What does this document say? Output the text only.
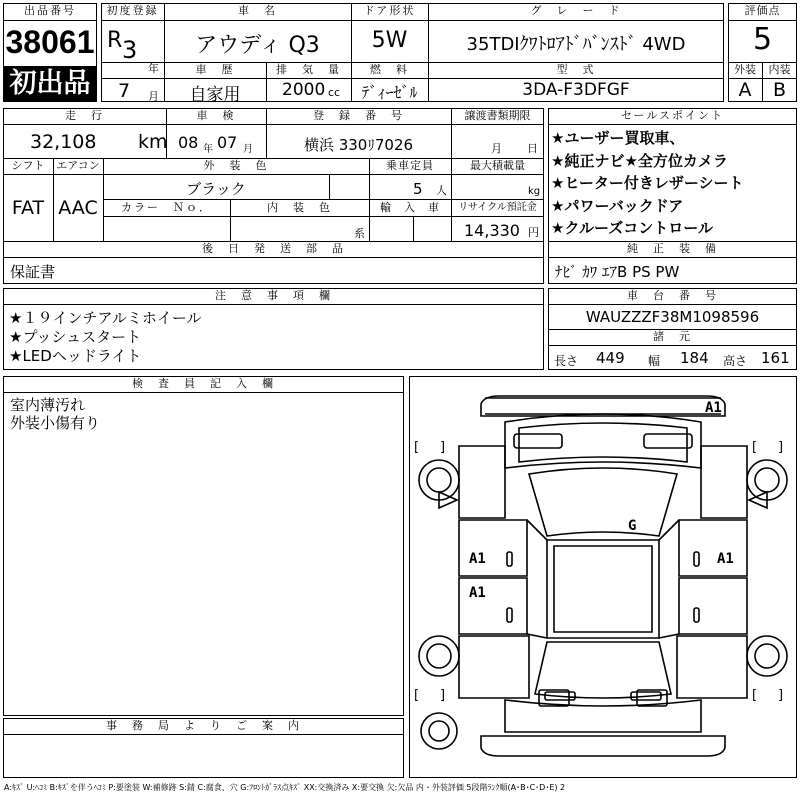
出品番号
38061
初出品
初度登録	車　名	ドア形状	グ　レ　ー　ド
R 3
年
アウディ Q3	5W	35TDIｸﾜﾄﾛｱﾄﾞﾊﾞﾝｽﾄﾞ 4WD
7 月
車　歴	排　気　量	燃　料	型　式
自家用	2000 cc	ﾃﾞｨｰｾﾞﾙ	3DA-F3DFGF
評価点
5
外装	内装
A	B
走　行	車　検	登　録　番　号	譲渡書類期限
32,108 km 08 年 07 月	横浜 330ﾘ7026	月 日
シフト	エアコン	外　装　色	乗車定員	最大積載量
FAT AAC
ブラック	5 人	kg
カラー　Ｎｏ．	内　装　色	輸　入　車	リサイクル預託金
系	14,330 円
後　日　発　送　部　品
保証書
セールスポイント
★ユーザー買取車、
★純正ナビ★全方位カメラ
★ヒーター付きレザーシート
★パワーバックドア
★クルーズコントロール
純　正　装　備
ﾅﾋﾞ ｶﾜ ｴｱB PS PW
注　意　事　項　欄
★１９インチアルミホイール
★プッシュスタート
★LEDヘッドライト
車　台　番　号
WAUZZZF38M1098596
諸　元
長さ 449 幅 184 高さ 161
検　査　員　記　入　欄
室内薄汚れ
外装小傷有り
事　務　局　よ　り　ご　案　内
A1
G
A1	A1
A1
[ ]	[ ]
[ ]	[ ]
A:ｷｽﾞ U:ﾍｺﾐ B:ｷｽﾞを伴うﾍｺﾐ P:要塗装 W:補修跡 S:錆 C:腐食、穴 G:ﾌﾛﾝﾄｶﾞﾗｽ点ｷｽﾞ XX:交換済み X:要交換 欠:欠品 内・外装評価 5段階ﾗﾝｸ順(A･B･C･D･E) 2
